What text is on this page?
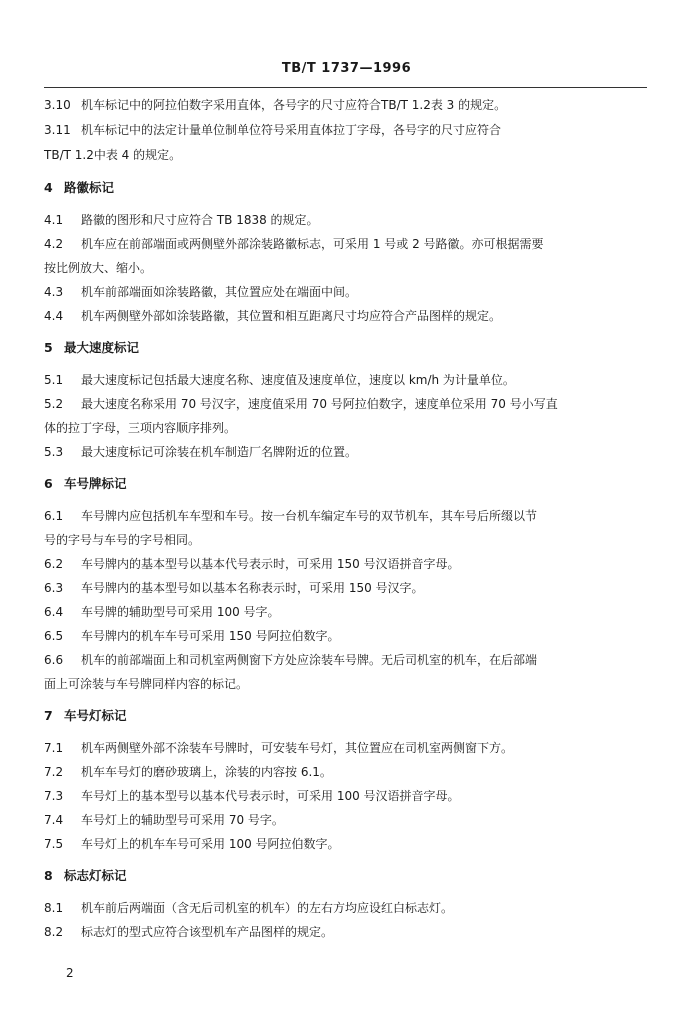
TB/T 1737—1996
3.10 机车标记中的阿拉伯数字采用直体，各号字的尺寸应符合TB/T 1.2表 3 的规定。
3.11 机车标记中的法定计量单位制单位符号采用直体拉丁字母，各号字的尺寸应符合
TB/T 1.2中表 4 的规定。
4 路徽标记
4.1 路徽的图形和尺寸应符合 TB 1838 的规定。
4.2 机车应在前部端面或两侧壁外部涂装路徽标志，可采用 1 号或 2 号路徽。亦可根据需要
按比例放大、缩小。
4.3 机车前部端面如涂装路徽，其位置应处在端面中间。
4.4 机车两侧壁外部如涂装路徽，其位置和相互距离尺寸均应符合产品图样的规定。
5 最大速度标记
5.1 最大速度标记包括最大速度名称、速度值及速度单位，速度以 km/h 为计量单位。
5.2 最大速度名称采用 70 号汉字，速度值采用 70 号阿拉伯数字，速度单位采用 70 号小写直
体的拉丁字母，三项内容顺序排列。
5.3 最大速度标记可涂装在机车制造厂名牌附近的位置。
6 车号牌标记
6.1 车号牌内应包括机车车型和车号。按一台机车编定车号的双节机车，其车号后所缀以节
号的字号与车号的字号相同。
6.2 车号牌内的基本型号以基本代号表示时，可采用 150 号汉语拼音字母。
6.3 车号牌内的基本型号如以基本名称表示时，可采用 150 号汉字。
6.4 车号牌的辅助型号可采用 100 号字。
6.5 车号牌内的机车车号可采用 150 号阿拉伯数字。
6.6 机车的前部端面上和司机室两侧窗下方处应涂装车号牌。无后司机室的机车，在后部端
面上可涂装与车号牌同样内容的标记。
7 车号灯标记
7.1 机车两侧壁外部不涂装车号牌时，可安装车号灯，其位置应在司机室两侧窗下方。
7.2 机车车号灯的磨砂玻璃上，涂装的内容按 6.1。
7.3 车号灯上的基本型号以基本代号表示时，可采用 100 号汉语拼音字母。
7.4 车号灯上的辅助型号可采用 70 号字。
7.5 车号灯上的机车车号可采用 100 号阿拉伯数字。
8 标志灯标记
8.1 机车前后两端面（含无后司机室的机车）的左右方均应设红白标志灯。
8.2 标志灯的型式应符合该型机车产品图样的规定。
2
